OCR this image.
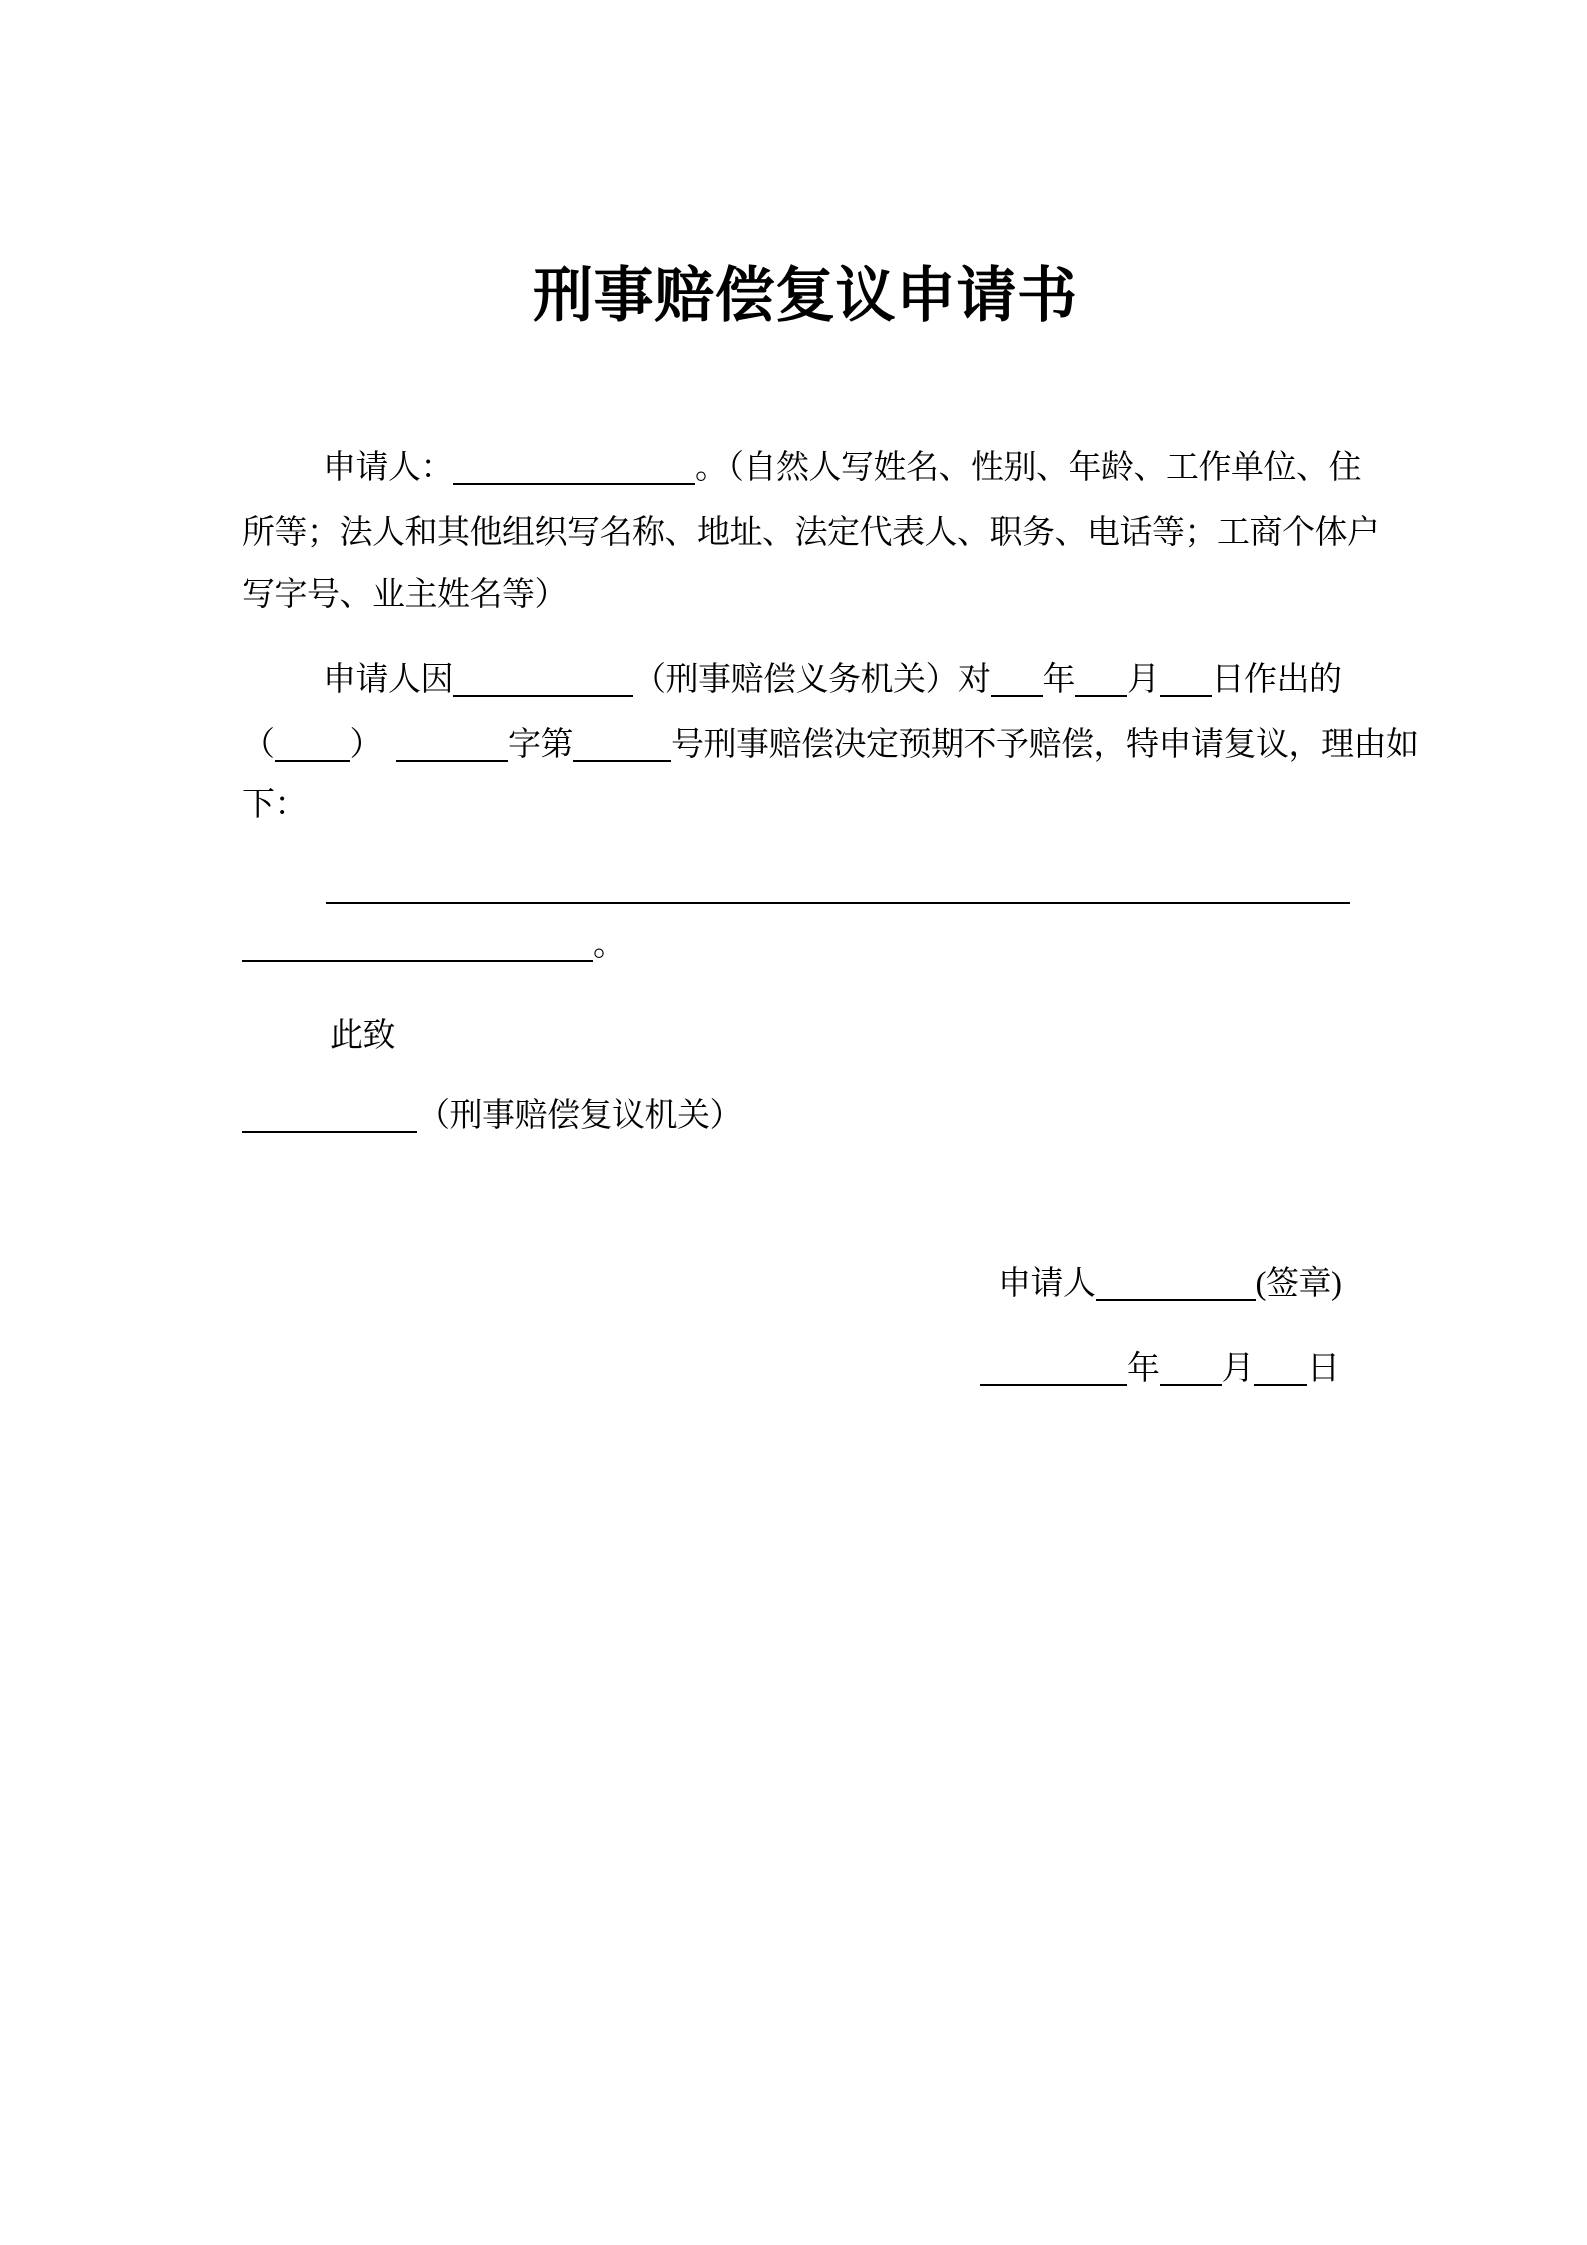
刑事赔偿复议申请书
申请人：	。（自然人写姓名、性别、年龄、工作单位、住
所等；法人和其他组织写名称、地址、法定代表人、职务、电话等；工商个体户
写字号、业主姓名等）
申请人因	（刑事赔偿义务机关）对 年 月 日作出的
（ ）	字第	号刑事赔偿决定预期不予赔偿，特申请复议，理由如
下：
。
此致
（刑事赔偿复议机关）
申请人	(签章)
年 月 日
